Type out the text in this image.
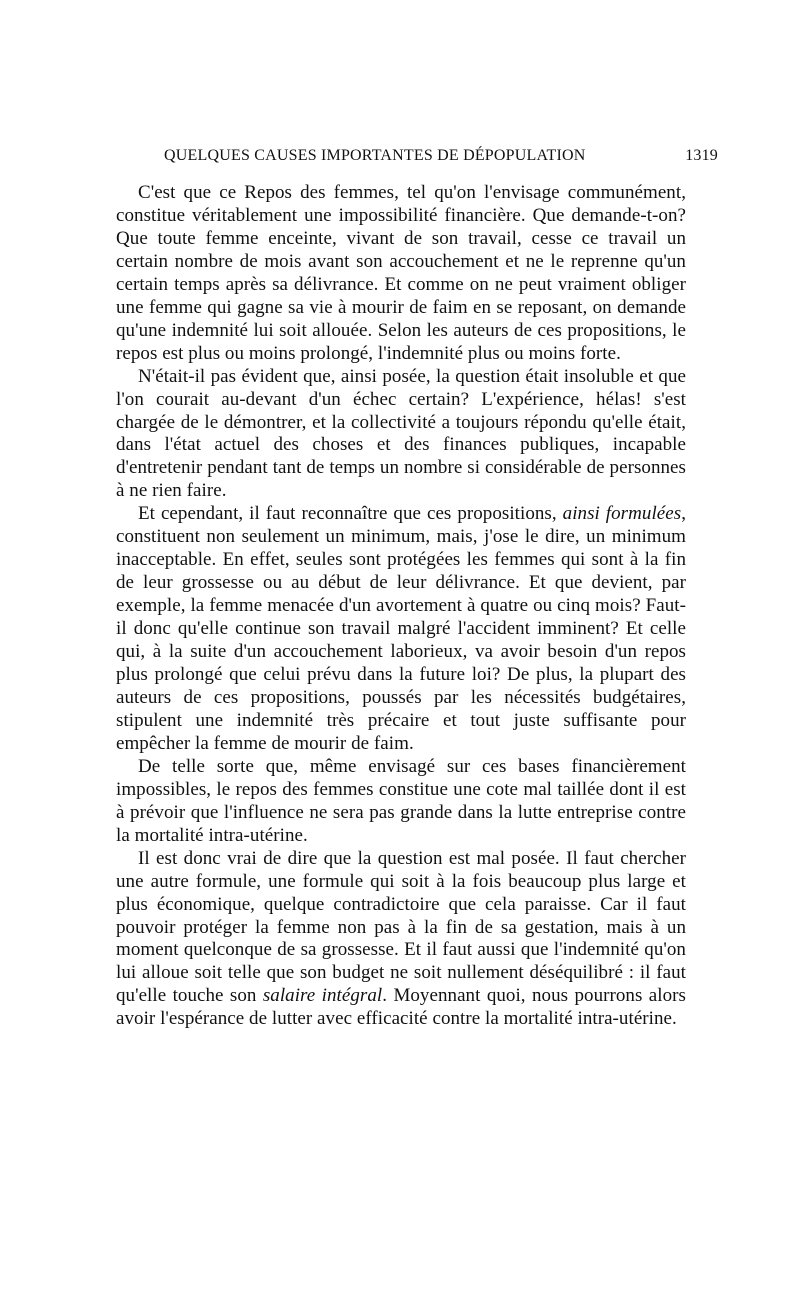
QUELQUES CAUSES IMPORTANTES DE DÉPOPULATION	1319

C'est que ce Repos des femmes, tel qu'on l'envisage communément, constitue véritablement une impossibilité financière. Que demande-t-on? Que toute femme enceinte, vivant de son travail, cesse ce travail un certain nombre de mois avant son accouchement et ne le reprenne qu'un certain temps après sa délivrance. Et comme on ne peut vraiment obliger une femme qui gagne sa vie à mourir de faim en se reposant, on demande qu'une indemnité lui soit allouée. Selon les auteurs de ces propositions, le repos est plus ou moins prolongé, l'indemnité plus ou moins forte.

N'était-il pas évident que, ainsi posée, la question était insoluble et que l'on courait au-devant d'un échec certain? L'expérience, hélas! s'est chargée de le démontrer, et la collectivité a toujours répondu qu'elle était, dans l'état actuel des choses et des finances publiques, incapable d'entretenir pendant tant de temps un nombre si considérable de personnes à ne rien faire.

Et cependant, il faut reconnaître que ces propositions, ainsi formulées, constituent non seulement un minimum, mais, j'ose le dire, un minimum inacceptable. En effet, seules sont protégées les femmes qui sont à la fin de leur grossesse ou au début de leur délivrance. Et que devient, par exemple, la femme menacée d'un avortement à quatre ou cinq mois? Faut-il donc qu'elle continue son travail malgré l'accident imminent? Et celle qui, à la suite d'un accouchement laborieux, va avoir besoin d'un repos plus prolongé que celui prévu dans la future loi? De plus, la plupart des auteurs de ces propositions, poussés par les nécessités budgétaires, stipulent une indemnité très précaire et tout juste suffisante pour empêcher la femme de mourir de faim.

De telle sorte que, même envisagé sur ces bases financièrement impossibles, le repos des femmes constitue une cote mal taillée dont il est à prévoir que l'influence ne sera pas grande dans la lutte entreprise contre la mortalité intra-utérine.

Il est donc vrai de dire que la question est mal posée. Il faut chercher une autre formule, une formule qui soit à la fois beaucoup plus large et plus économique, quelque contradictoire que cela paraisse. Car il faut pouvoir protéger la femme non pas à la fin de sa gestation, mais à un moment quelconque de sa grossesse. Et il faut aussi que l'indemnité qu'on lui alloue soit telle que son budget ne soit nullement déséquilibré : il faut qu'elle touche son salaire intégral. Moyennant quoi, nous pourrons alors avoir l'espérance de lutter avec efficacité contre la mortalité intra-utérine.
